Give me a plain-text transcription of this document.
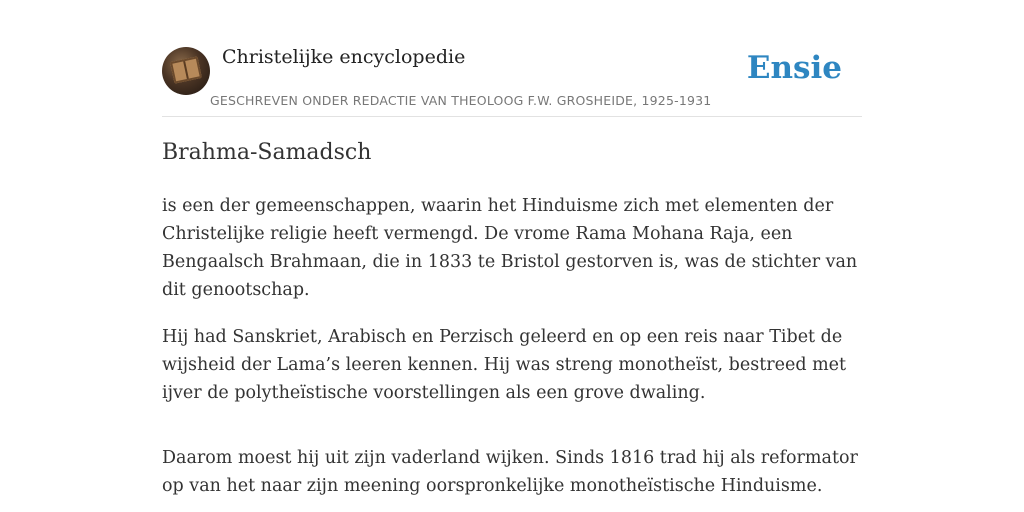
Christelijke encyclopedie
GESCHREVEN ONDER REDACTIE VAN THEOLOOG F.W. GROSHEIDE, 1925-1931
Ensie
Brahma-Samadsch

is een der gemeenschappen, waarin het Hinduisme zich met elementen der Christelijke religie heeft vermengd. De vrome Rama Mohana Raja, een Bengaalsch Brahmaan, die in 1833 te Bristol gestorven is, was de stichter van dit genootschap.

Hij had Sanskriet, Arabisch en Perzisch geleerd en op een reis naar Tibet de wijsheid der Lama’s leeren kennen. Hij was streng monotheïst, bestreed met ijver de polytheïstische voorstellingen als een grove dwaling.

Daarom moest hij uit zijn vaderland wijken. Sinds 1816 trad hij als reformator op van het naar zijn meening oorspronkelijke monotheïstische Hinduisme.
